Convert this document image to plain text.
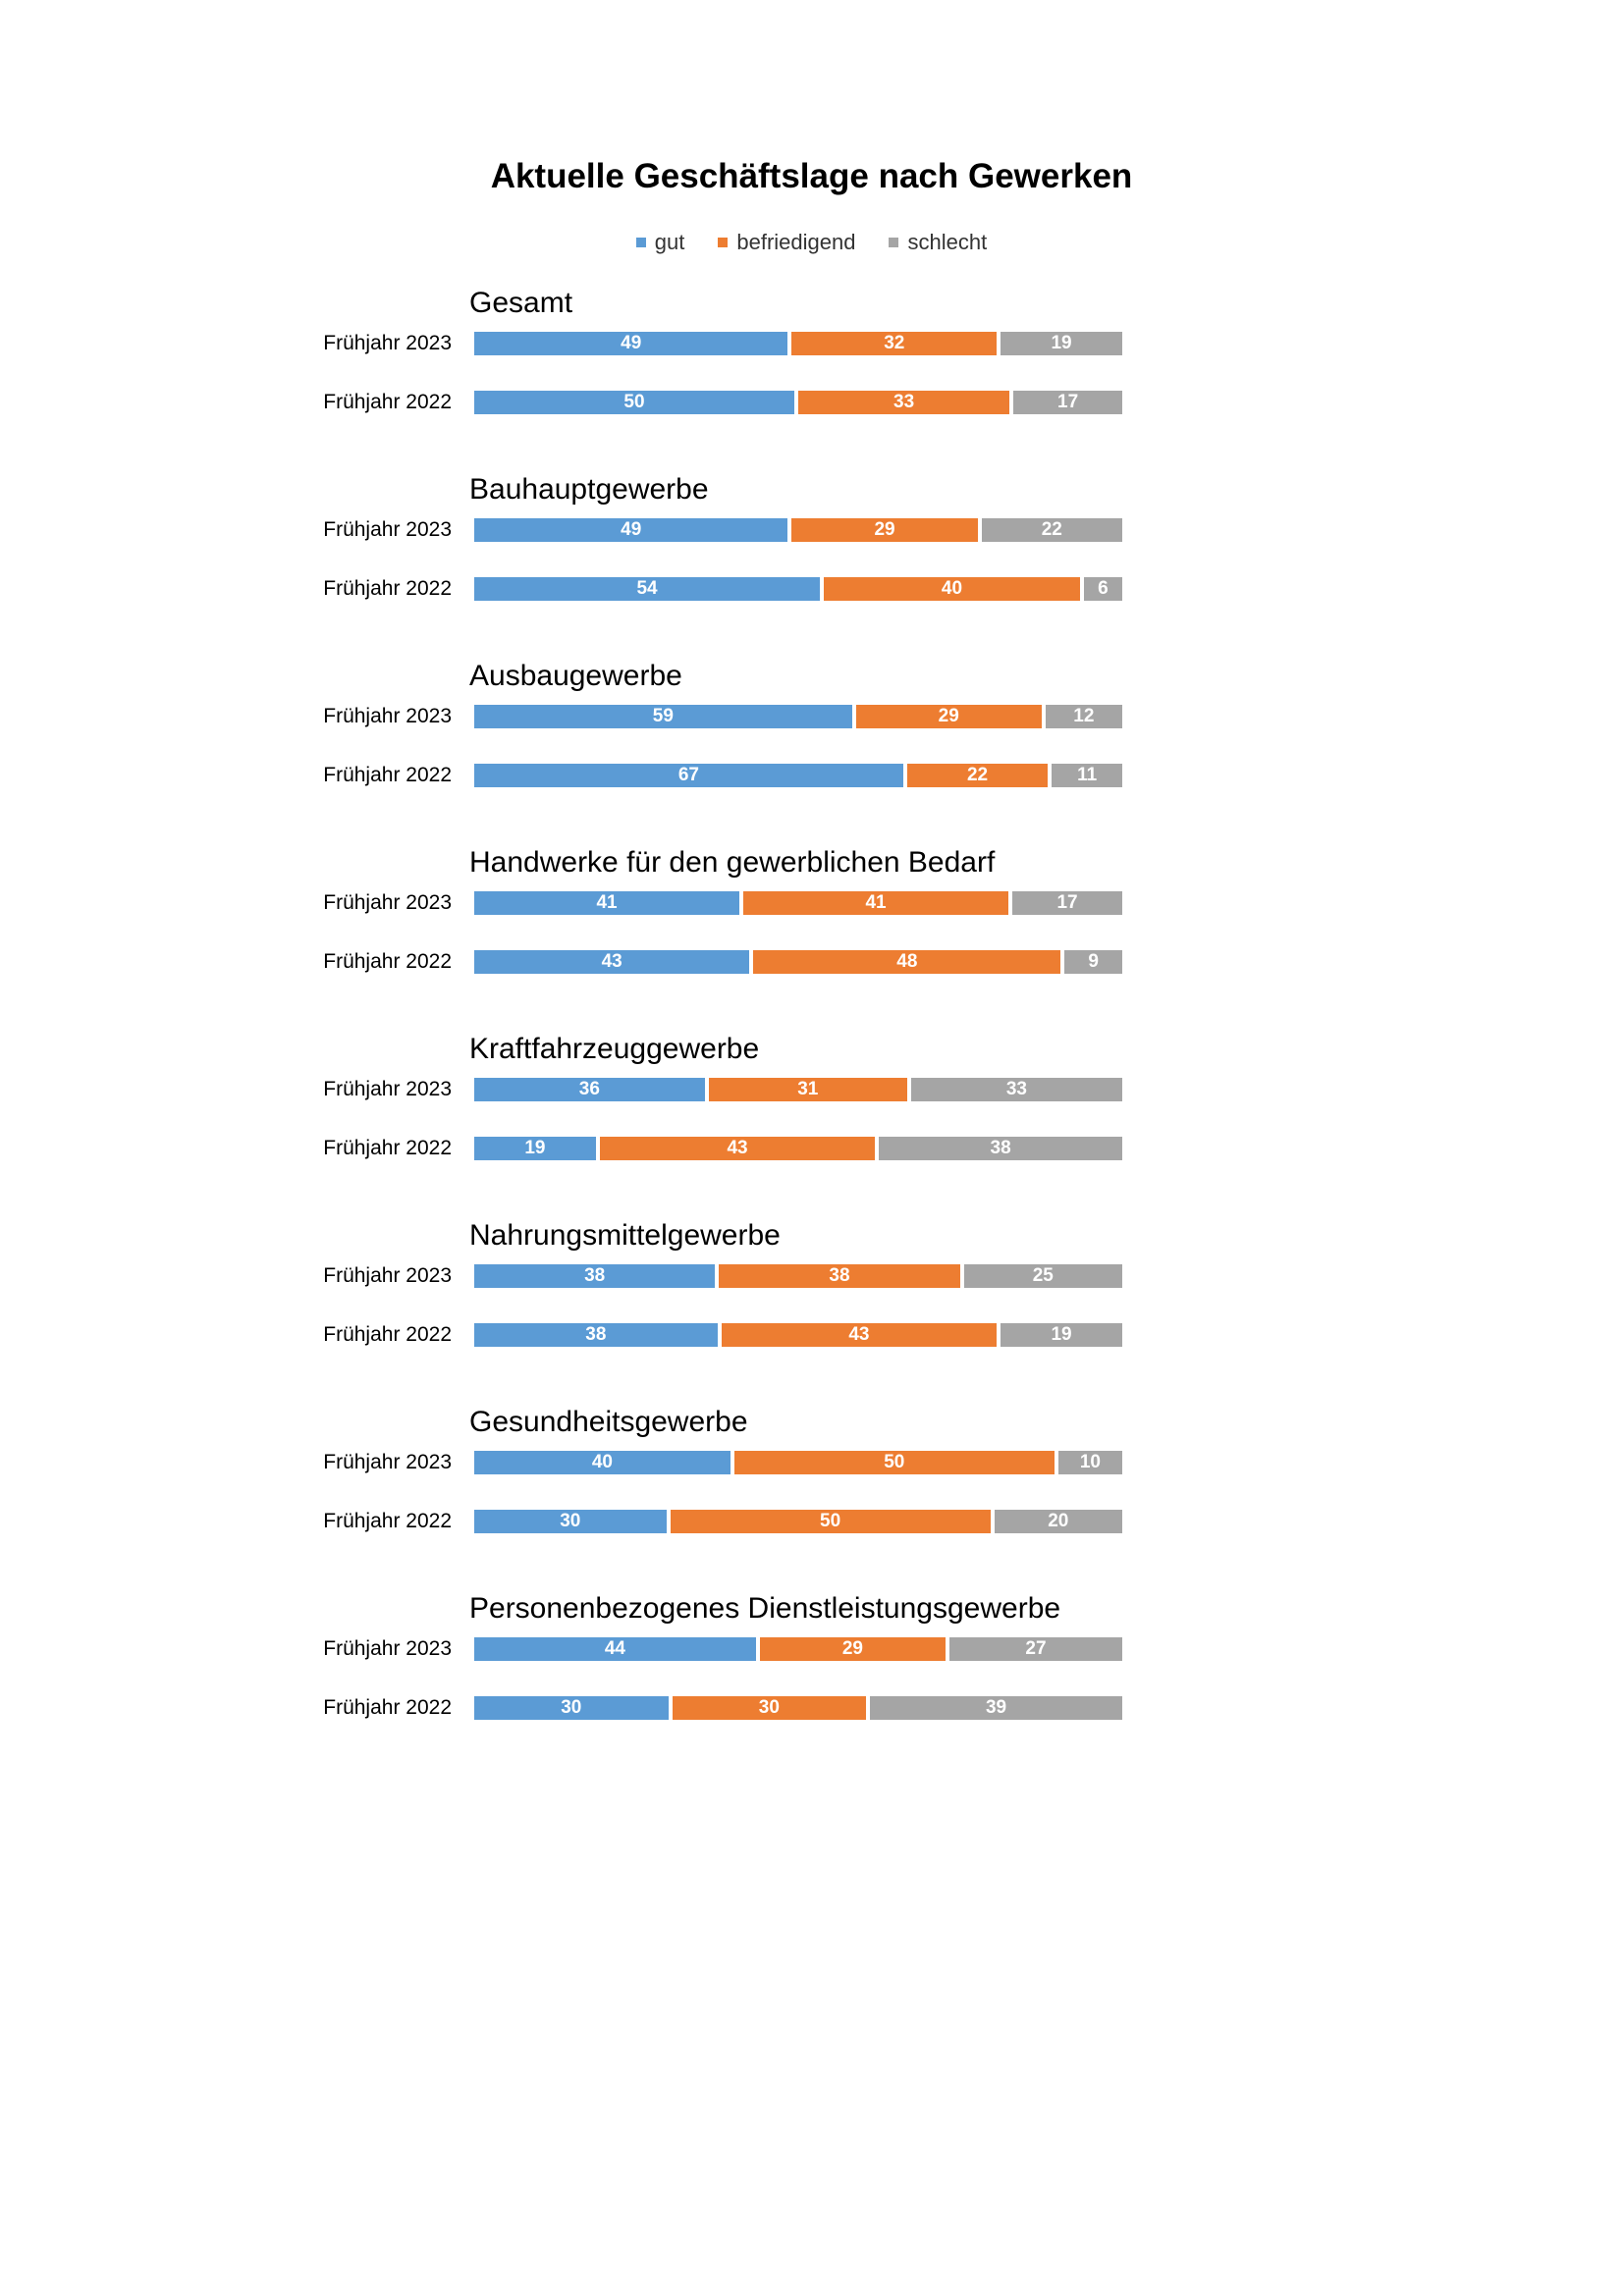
Aktuelle Geschäftslage nach Gewerken
gut befriedigend schlecht
Gesamt
Frühjahr 2023	49	32	19
Frühjahr 2022	50	33	17
Bauhauptgewerbe
Frühjahr 2023	49	29	22
Frühjahr 2022	54	40	6
Ausbaugewerbe
Frühjahr 2023	59	29	12
Frühjahr 2022	67	22	11
Handwerke für den gewerblichen Bedarf
Frühjahr 2023	41	41	17
Frühjahr 2022	43	48	9
Kraftfahrzeuggewerbe
Frühjahr 2023	36	31	33
Frühjahr 2022	19	43	38
Nahrungsmittelgewerbe
Frühjahr 2023	38	38	25
Frühjahr 2022	38	43	19
Gesundheitsgewerbe
Frühjahr 2023	40	50	10
Frühjahr 2022	30	50	20
Personenbezogenes Dienstleistungsgewerbe
Frühjahr 2023	44	29	27
Frühjahr 2022	30	30	39
